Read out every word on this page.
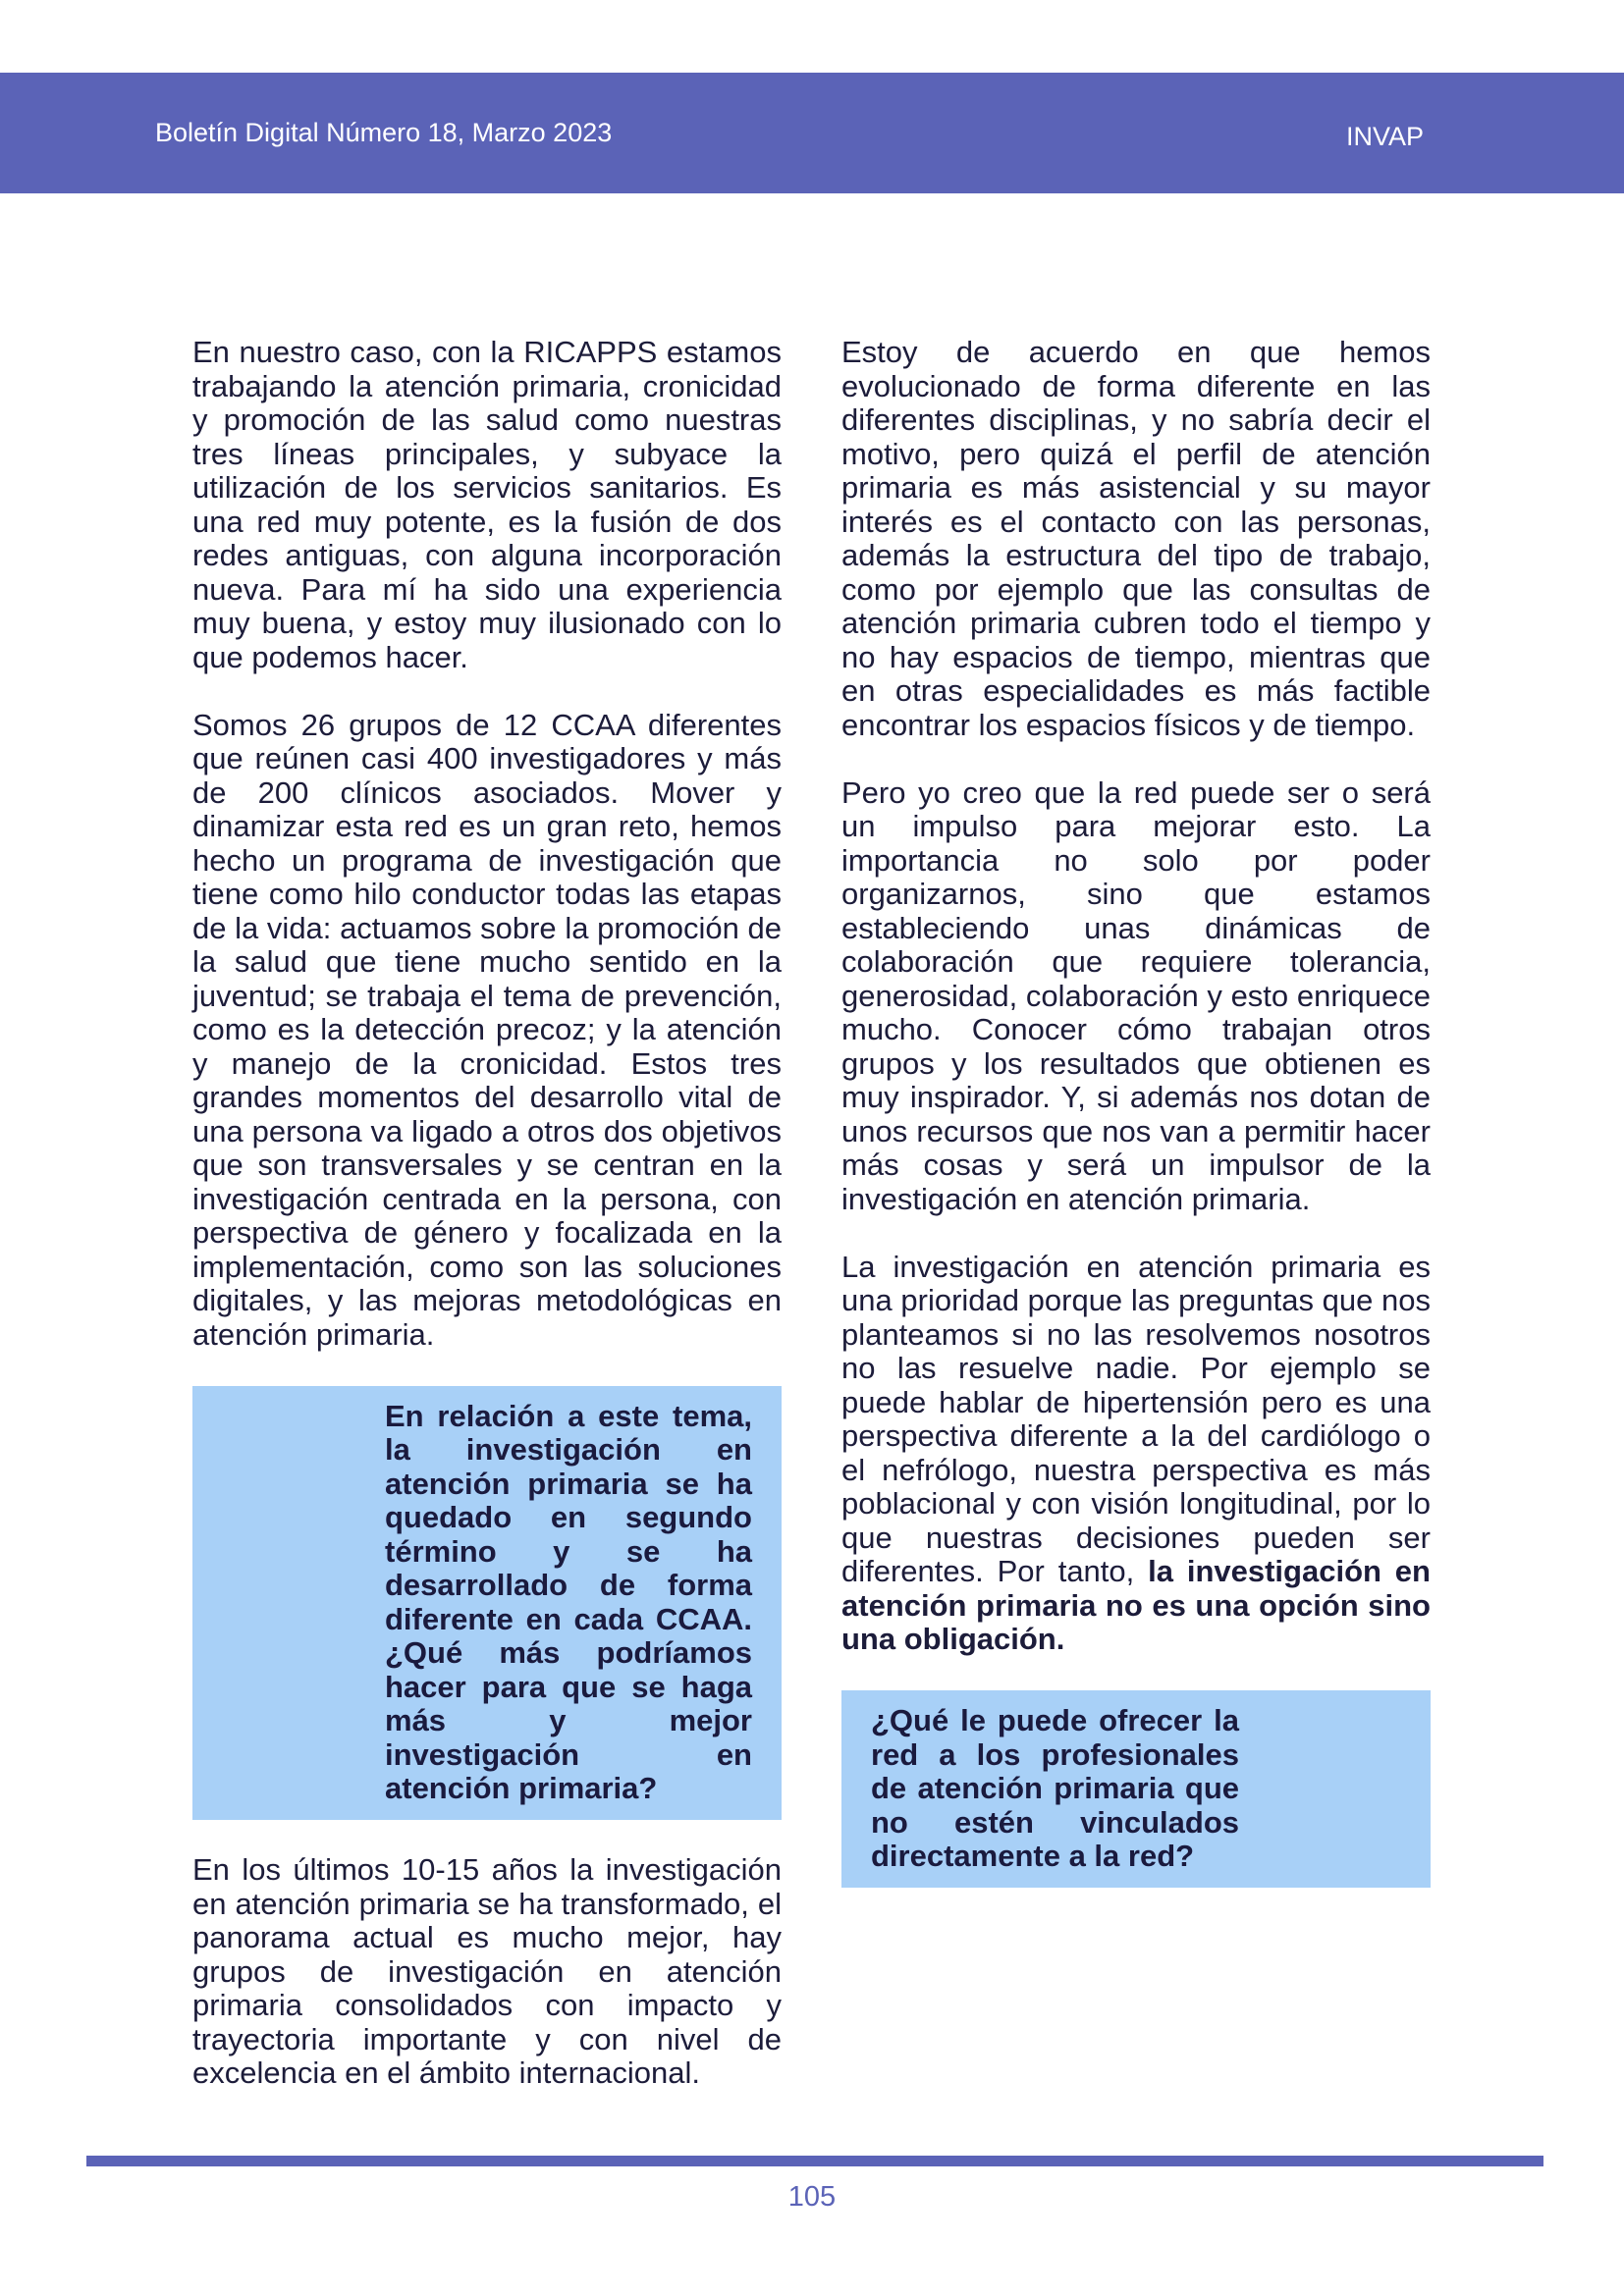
Boletín Digital Número 18, Marzo 2023	INVAP

En nuestro caso, con la RICAPPS estamos trabajando la atención primaria, cronicidad y promoción de las salud como nuestras tres líneas principales, y subyace la utilización de los servicios sanitarios. Es una red muy potente, es la fusión de dos redes antiguas, con alguna incorporación nueva. Para mí ha sido una experiencia muy buena, y estoy muy ilusionado con lo que podemos hacer.

Somos 26 grupos de 12 CCAA diferentes que reúnen casi 400 investigadores y más de 200 clínicos asociados. Mover y dinamizar esta red es un gran reto, hemos hecho un programa de investigación que tiene como hilo conductor todas las etapas de la vida: actuamos sobre la promoción de la salud que tiene mucho sentido en la juventud; se trabaja el tema de prevención, como es la detección precoz; y la atención y manejo de la cronicidad. Estos tres grandes momentos del desarrollo vital de una persona va ligado a otros dos objetivos que son transversales y se centran en la investigación centrada en la persona, con perspectiva de género y focalizada en la implementación, como son las soluciones digitales, y las mejoras metodológicas en atención primaria.

En relación a este tema, la investigación en atención primaria se ha quedado en segundo término y se ha desarrollado de forma diferente en cada CCAA. ¿Qué más podríamos hacer para que se haga más y mejor investigación en atención primaria?

En los últimos 10-15 años la investigación en atención primaria se ha transformado, el panorama actual es mucho mejor, hay grupos de investigación en atención primaria consolidados con impacto y trayectoria importante y con nivel de excelencia en el ámbito internacional.

Estoy de acuerdo en que hemos evolucionado de forma diferente en las diferentes disciplinas, y no sabría decir el motivo, pero quizá el perfil de atención primaria es más asistencial y su mayor interés es el contacto con las personas, además la estructura del tipo de trabajo, como por ejemplo que las consultas de atención primaria cubren todo el tiempo y no hay espacios de tiempo, mientras que en otras especialidades es más factible encontrar los espacios físicos y de tiempo.

Pero yo creo que la red puede ser o será un impulso para mejorar esto. La importancia no solo por poder organizarnos, sino que estamos estableciendo unas dinámicas de colaboración que requiere tolerancia, generosidad, colaboración y esto enriquece mucho. Conocer cómo trabajan otros grupos y los resultados que obtienen es muy inspirador. Y, si además nos dotan de unos recursos que nos van a permitir hacer más cosas y será un impulsor de la investigación en atención primaria.

La investigación en atención primaria es una prioridad porque las preguntas que nos planteamos si no las resolvemos nosotros no las resuelve nadie. Por ejemplo se puede hablar de hipertensión pero es una perspectiva diferente a la del cardiólogo o el nefrólogo, nuestra perspectiva es más poblacional y con visión longitudinal, por lo que nuestras decisiones pueden ser diferentes. Por tanto, la investigación en atención primaria no es una opción sino una obligación.

¿Qué le puede ofrecer la red a los profesionales de atención primaria que no estén vinculados directamente a la red?

105
